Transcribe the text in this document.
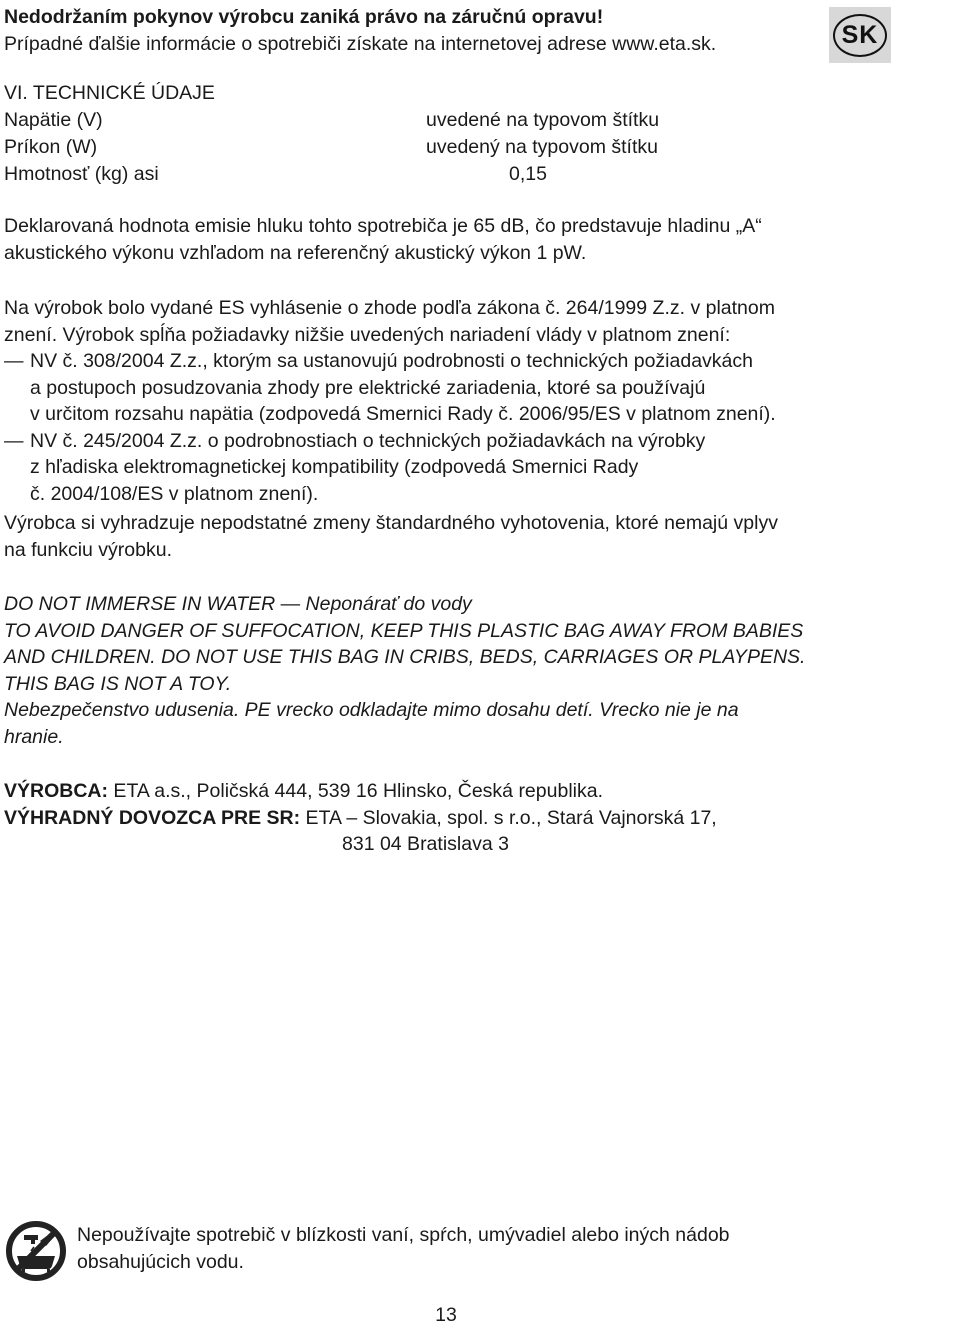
SK
Nedodržaním pokynov výrobcu zaniká právo na záručnú opravu!
Prípadné ďalšie informácie o spotrebiči získate na internetovej adrese www.eta.sk.
VI. TECHNICKÉ ÚDAJE
Napätie (V)	uvedené na typovom štítku
Príkon (W)	uvedený na typovom štítku
Hmotnosť (kg) asi	0,15
Deklarovaná hodnota emisie hluku tohto spotrebiča je 65 dB, čo predstavuje hladinu „A“
akustického výkonu vzhľadom na referenčný akustický výkon 1 pW.
Na výrobok bolo vydané ES vyhlásenie o zhode podľa zákona č. 264/1999 Z.z. v platnom
znení. Výrobok spĺňa požiadavky nižšie uvedených nariadení vlády v platnom znení:
— NV č. 308/2004 Z.z., ktorým sa ustanovujú podrobnosti o technických požiadavkách
a postupoch posudzovania zhody pre elektrické zariadenia, ktoré sa používajú
v určitom rozsahu napätia (zodpovedá Smernici Rady č. 2006/95/ES v platnom znení).
— NV č. 245/2004 Z.z. o podrobnostiach o technických požiadavkách na výrobky
z hľadiska elektromagnetickej kompatibility (zodpovedá Smernici Rady
č. 2004/108/ES v platnom znení).
Výrobca si vyhradzuje nepodstatné zmeny štandardného vyhotovenia, ktoré nemajú vplyv
na funkciu výrobku.
DO NOT IMMERSE IN WATER — Neponárať do vody
TO AVOID DANGER OF SUFFOCATION, KEEP THIS PLASTIC BAG AWAY FROM BABIES
AND CHILDREN. DO NOT USE THIS BAG IN CRIBS, BEDS, CARRIAGES OR PLAYPENS.
THIS BAG IS NOT A TOY.
Nebezpečenstvo udusenia. PE vrecko odkladajte mimo dosahu detí. Vrecko nie je na
hranie.
VÝROBCA: ETA a.s., Poličská 444, 539 16 Hlinsko, Česká republika.
VÝHRADNÝ DOVOZCA PRE SR: ETA – Slovakia, spol. s r.o., Stará Vajnorská 17,
831 04 Bratislava 3
Nepoužívajte spotrebič v blízkosti vaní, spŕch, umývadiel alebo iných nádob
obsahujúcich vodu.
13
